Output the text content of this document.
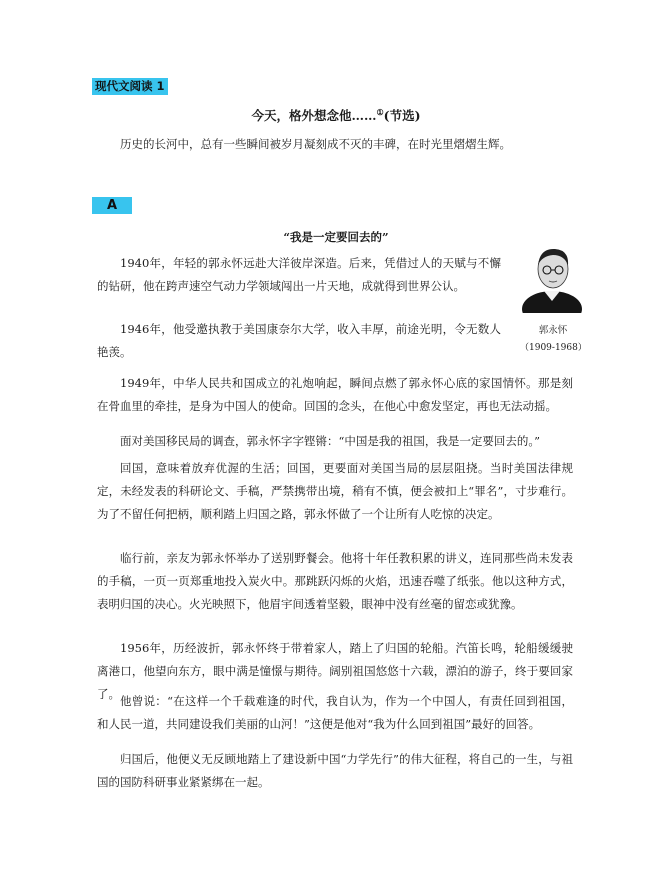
现代文阅读 1
今天，格外想念他……①(节选)

历史的长河中，总有一些瞬间被岁月凝刻成不灭的丰碑，在时光里熠熠生辉。

A
“我是一定要回去的”

1940年，年轻的郭永怀远赴大洋彼岸深造。后来，凭借过人的天赋与不懈的钻研，他在跨声速空气动力学领域闯出一片天地，成就得到世界公认。

1946年，他受邀执教于美国康奈尔大学，收入丰厚，前途光明，令无数人艳羡。

郭永怀
（1909-1968）

1949年，中华人民共和国成立的礼炮响起，瞬间点燃了郭永怀心底的家国情怀。那是刻在骨血里的牵挂，是身为中国人的使命。回国的念头，在他心中愈发坚定，再也无法动摇。

面对美国移民局的调查，郭永怀字字铿锵：“中国是我的祖国，我是一定要回去的。”

回国，意味着放弃优渥的生活；回国，更要面对美国当局的层层阻挠。当时美国法律规定，未经发表的科研论文、手稿，严禁携带出境，稍有不慎，便会被扣上“罪名”，寸步难行。为了不留任何把柄，顺利踏上归国之路，郭永怀做了一个让所有人吃惊的决定。

临行前，亲友为郭永怀举办了送别野餐会。他将十年任教积累的讲义，连同那些尚未发表的手稿，一页一页郑重地投入炭火中。那跳跃闪烁的火焰，迅速吞噬了纸张。他以这种方式，表明归国的决心。火光映照下，他眉宇间透着坚毅，眼神中没有丝毫的留恋或犹豫。

1956年，历经波折，郭永怀终于带着家人，踏上了归国的轮船。汽笛长鸣，轮船缓缓驶离港口，他望向东方，眼中满是憧憬与期待。阔别祖国悠悠十六载，漂泊的游子，终于要回家了。 他曾说：“在这样一个千载难逢的时代，我自认为，作为一个中国人，有责任回到祖国，和人民一道，共同建设我们美丽的山河！”这便是他对“我为什么回到祖国”最好的回答。

归国后，他便义无反顾地踏上了建设新中国“力学先行”的伟大征程，将自己的一生，与祖国的国防科研事业紧紧绑在一起。
